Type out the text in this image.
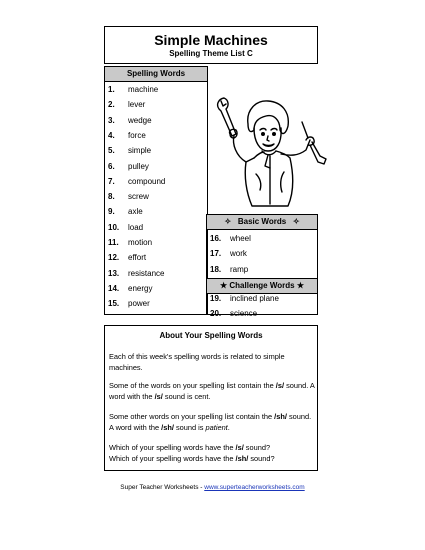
Simple Machines
Spelling Theme List C
Spelling Words
1. machine
2. lever
3. wedge
4. force
5. simple
6. pulley
7. compound
8. screw
9. axle
10. load
11. motion
12. effort
13. resistance
14. energy
15. power
✧ Basic Words ✧
16. wheel
17. work
18. ramp
★ Challenge Words ★
19. inclined plane
20. science
About Your Spelling Words

Each of this week's spelling words is related to simple machines.

Some of the words on your spelling list contain the /s/ sound. A word with the /s/ sound is cent.

Some other words on your spelling list contain the /sh/ sound. A word with the /sh/ sound is patient.

Which of your spelling words have the /s/ sound?

Which of your spelling words have the /sh/ sound?

Super Teacher Worksheets - www.superteacherworksheets.com
